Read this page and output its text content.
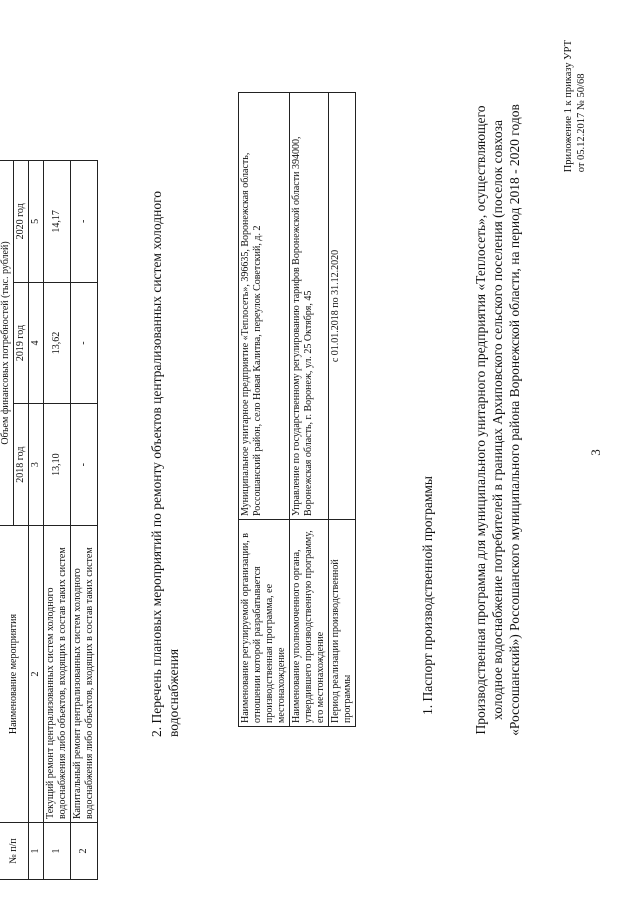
3
Приложение 1 к приказу УРТ от 05.12.2017 № 50/68
Производственная программа для муниципального унитарного предприятия «Теплосеть», осуществляющего холодное водоснабжение потребителей в границах Архиповского сельского поселения (поселок совхоза «Россошанский») Россошанского муниципального района Воронежской области, на период 2018 - 2020 годов
1. Паспорт производственной программы
Наименование регулируемой организации, в отношении которой разрабатывается производственная программа, ее местонахождение	Муниципальное унитарное предприятие «Теплосеть», 396635, Воронежская область, Россошанский район, село Новая Калитва, переулок Советский, д. 2
Наименование уполномоченного органа, утвердившего производственную программу, его местонахождение	Управление по государственному регулированию тарифов Воронежской области 394000, Воронежская область, г. Воронеж, ул. 25 Октября, 45
Период реализации производственной программы	с 01.01.2018 по 31.12.2020
2. Перечень плановых мероприятий по ремонту объектов централизованных систем холодного водоснабжения
№ п/п	Наименование мероприятия	Объем финансовых потребностей (тыс. рублей)		
		2018 год	2019 год	2020 год
1	2	3	4	5
1	Текущий ремонт централизованных систем холодного водоснабжения либо объектов, входящих в состав таких систем	13,10	13,62	14,17
2	Капитальный ремонт централизованных систем холодного водоснабжения либо объектов, входящих в состав таких систем	-	-	-
